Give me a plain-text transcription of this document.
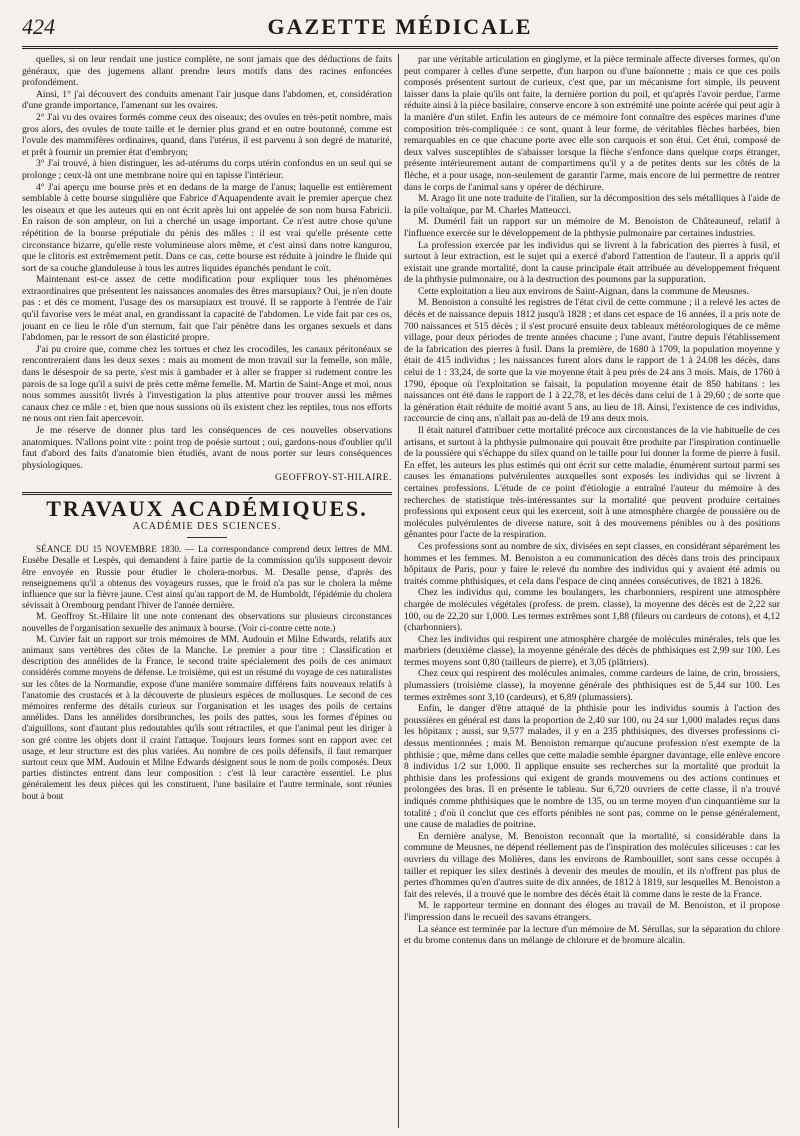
424	GAZETTE MÉDICALE

quelles, si on leur rendait une justice complète, ne sont jamais que des déductions de faits généraux, que des jugemens allant prendre leurs motifs dans des racines enfoncées profondément.

Ainsi, 1° j'ai découvert des conduits amenant l'air jusque dans l'abdomen, et, considération d'une grande importance, l'amenant sur les ovaires.

2° J'ai vu des ovaires formés comme ceux des oiseaux; des ovules en très-petit nombre, mais gros alors, des ovules de toute taille et le dernier plus grand et en outre boutonné, comme est l'ovule des mammifères ordinaires, quand, dans l'utérus, il est parvenu à son degré de maturité, et prêt à fournir un premier état d'embryon;

3° J'ai trouvé, à bien distinguer, les ad-utérums du corps utérin confondus en un seul qui se prolonge ; ceux-là ont une membrane noire qui en tapisse l'intérieur.

4° J'ai aperçu une bourse près et en dedans de la marge de l'anus; laquelle est entièrement semblable à cette bourse singulière que Fabrice d'Aquapendente avait le premier aperçue chez les oiseaux et que les auteurs qui en ont écrit après lui ont appelée de son nom bursa Fabricii. En raison de son ampleur, on lui a cherché un usage important. Ce n'est autre chose qu'une répétition de la bourse préputiale du pénis des mâles : il est vrai qu'elle présente cette circonstance bizarre, qu'elle reste volumineuse alors même, et c'est ainsi dans notre kangurou, que le clitoris est extrêmement petit. Dans ce cas, cette bourse est réduite à joindre le fluide qui sort de sa couche glanduleuse à tous les autres liquides épanchés pendant le coït.

Maintenant est-ce assez de cette modification pour expliquer tous les phénomènes extraordinaires que présentent les naissances anomales des êtres marsupiaux? Oui, je n'en doute pas : et dès ce moment, l'usage des os marsupiaux est trouvé. Il se rapporte à l'entrée de l'air qu'il favorise vers le méat anal, en grandissant la capacité de l'abdomen. Le vide fait par ces os, jouant en ce lieu le rôle d'un sternum, fait que l'air pénètre dans les organes sexuels et dans l'abdomen, par le ressort de son élasticité propre.

J'ai pu croire que, comme chez les tortues et chez les crocodiles, les canaux péritonéaux se rencontreraient dans les deux sexes : mais au moment de mon travail sur la femelle, son mâle, dans le désespoir de sa perte, s'est mis à gambader et à aller se frapper si rudement contre les parois de sa loge qu'il a suivi de près cette même femelle. M. Martin de Saint-Ange et moi, nous nous sommes aussitôt livrés à l'investigation la plus attentive pour trouver aussi les mêmes canaux chez ce mâle : et, bien que nous sussions où ils existent chez les reptiles, tous nos efforts ne nous ont rien fait apercevoir.

Je me réserve de donner plus tard les conséquences de ces nouvelles observations anatomiques. N'allons point vite : point trop de poésie surtout ; oui, gardons-nous d'oublier qu'il faut d'abord des faits d'anatomie bien étudiés, avant de nous porter sur leurs conséquences physiologiques.

GEOFFROY-ST-HILAIRE.
TRAVAUX ACADÉMIQUES.
ACADÉMIE DES SCIENCES.

SÉANCE DU 15 NOVEMBRE 1830. — La correspondance comprend deux lettres de MM. Eusèbe Desalle et Lespès, qui demandent à faire partie de la commission qu'ils supposent devoir être envoyée en Russie pour étudier le cholera-morbus. M. Desalle pense, d'après des renseignemens qu'il a obtenus des voyageurs russes, que le froid n'a pas sur le cholera la même influence que sur la fièvre jaune. C'est ainsi qu'au rapport de M. de Humboldt, l'épidémie du cholera sévissait à Orembourg pendant l'hiver de l'année dernière.

M. Geoffroy St.-Hilaire lit une note contenant des observations sur plusieurs circonstances nouvelles de l'organisation sexuelle des animaux à bourse. (Voir ci-contre cette note.)

M. Cuvier fait un rapport sur trois mémoires de MM. Audouin et Milne Edwards, relatifs aux animaux sans vertèbres des côtes de la Manche. Le premier a pour titre : Classification et description des annélides de la France, le second traite spécialement des poils de ces animaux considérés comme moyens de défense. Le troisième, qui est un résumé du voyage de ces naturalistes sur les côtes de la Normandie, expose d'une manière sommaire différens faits nouveaux relatifs à l'anatomie des crustacés et à la découverte de plusieurs espèces de mollusques. Le second de ces mémoires renferme des détails curieux sur l'organisation et les usages des poils de certains annélides. Dans les annélides dorsibranches, les poils des pattes, sous les formes d'épines ou d'aiguillons, sont d'autant plus redoutables qu'ils sont rétractiles, et que l'animal peut les diriger à son gré contre les objets dont il craint l'attaque. Toujours leurs formes sont en rapport avec cet usage, et leur structure est des plus variées. Au nombre de ces poils défensifs, il faut remarquer surtout ceux que MM. Audouin et Milne Edwards désignent sous le nom de poils composés. Deux parties distinctes entrent dans leur composition : c'est là leur caractère essentiel. Le plus généralement les deux pièces qui les constituent, l'une basilaire et l'autre terminale, sont réunies bout à bout

par une véritable articulation en ginglyme, et la pièce terminale affecte diverses formes, qu'on peut comparer à celles d'une serpette, d'un harpon ou d'une baïonnette ; mais ce que ces poils composés présentent surtout de curieux, c'est que, par un mécanisme fort simple, ils peuvent laisser dans la plaie qu'ils ont faite, la dernière portion du poil, et qu'après l'avoir perdue, l'arme réduite ainsi à la pièce basilaire, conserve encore à son extrémité une pointe acérée qui peut agir à la manière d'un stilet. Enfin les auteurs de ce mémoire font connaître des espèces marines d'une composition très-compliquée : ce sont, quant à leur forme, de véritables flèches barbées, bien remarquables en ce que chacune porte avec elle son carquois et son étui. Cet étui, composé de deux valves susceptibles de s'abaisser lorsque la flèche s'enfonce dans quelque corps étranger, présente intérieurement autant de compartimens qu'il y a de petites dents sur les côtés de la flèche, et a pour usage, non-seulement de garantir l'arme, mais encore de lui permettre de rentrer dans le corps de l'animal sans y opérer de déchirure.

M. Arago lit une note traduite de l'italien, sur la décomposition des sels métalliques à l'aide de la pile voltaïque, par M. Charles Matteucci.

M. Duméril fait un rapport sur un mémoire de M. Benoiston de Châteauneuf, relatif à l'influence exercée sur le développement de la phthysie pulmonaire par certaines industries.

La profession exercée par les individus qui se livrent à la fabrication des pierres à fusil, et surtout à leur extraction, est le sujet qui a exercé d'abord l'attention de l'auteur. Il a appris qu'il existait une grande mortalité, dont la cause principale était attribuée au développement fréquent de la phthysie pulmonaire, ou à la destruction des poumons par la suppuration.

Cette exploitation a lieu aux environs de Saint-Aignan, dans la commune de Meusnes.

M. Benoiston a consulté les registres de l'état civil de cette commune ; il a relevé les actes de décès et de naissance depuis 1812 jusqu'à 1828 ; et dans cet espace de 16 années, il a pris note de 700 naissances et 515 décès ; il s'est procuré ensuite deux tableaux météorologiques de ce même village, pour deux périodes de trente années chacune ; l'une avant, l'autre depuis l'établissement de la fabrication des pierres à fusil. Dans la première, de 1680 à 1709, la population moyenne y était de 415 individus ; les naissances furent alors dans le rapport de 1 à 24.08 les décès, dans celui de 1 : 33,24, de sorte que la vie moyenne était à peu près de 24 ans 3 mois. Mais, de 1760 à 1790, époque où l'exploitation se faisait, la population moyenne était de 850 habitans : les naissances ont été dans le rapport de 1 à 22,78, et les décès dans celui de 1 à 29,60 ; de sorte que la génération était réduite de moitié avant 5 ans, au lieu de 18. Ainsi, l'existence de ces individus, raccourcie de cinq ans, n'allait pas au-delà de 19 ans deux mois.

Il était naturel d'attribuer cette mortalité précoce aux circonstances de la vie habituelle de ces artisans, et surtout à la phthysie pulmonaire qui pouvait être produite par l'inspiration continuelle de la poussière qui s'échappe du silex quand on le taille pour lui donner la forme de pierre à fusil. En effet, les auteurs les plus estimés qui ont écrit sur cette maladie, énumèrent surtout parmi ses causes les émanations pulvérulentes auxquelles sont exposés les individus qui se livrent à certaines professions. L'étude de ce point d'étiologie a entraîné l'auteur du mémoire à des recherches de statistique très-intéressantes sur la mortalité que peuvent produire certaines professions qui exposent ceux qui les exercent, soit à une atmosphère chargée de poussière ou de molécules pulvérulentes de diverse nature, soit à des mouvemens pénibles ou à des positions gênantes pour l'acte de la respiration.

Ces professions sont au nombre de six, divisées en sept classes, en considérant séparément les hommes et les femmes. M. Benoiston a eu communication des décès dans trois des principaux hôpitaux de Paris, pour y faire le relevé du nombre des individus qui y avaient été admis ou traités comme phthisiques, et cela dans l'espace de cinq années consécutives, de 1821 à 1826.

Chez les individus qui, comme les boulangers, les charbonniers, respirent une atmosphère chargée de molécules végétales (profess. de prem. classe), la moyenne des décès est de 2,22 sur 100, ou de 22,20 sur 1,000. Les termes extrêmes sont 1,88 (fileurs ou cardeurs de cotons), et 4,12 (charbonniers).

Chez les individus qui respirent une atmosphère chargée de molécules minérales, tels que les marbriers (deuxième classe), la moyenne générale des décès de phthisiques est 2,99 sur 100. Les termes moyens sont 0,80 (tailleurs de pierre), et 3,05 (plâtriers).

Chez ceux qui respirent des molécules animales, comme cardeurs de laine, de crin, brossiers, plumassiers (troisième classe), la moyenne générale des phthisiques est de 5,44 sur 100. Les termes extrêmes sont 3,10 (cardeurs), et 6,89 (plumassiers).

Enfin, le danger d'être attaqué de la phthisie pour les individus soumis à l'action des poussières en général est dans la proportion de 2,40 sur 100, ou 24 sur 1,000 malades reçus dans les hôpitaux ; aussi, sur 9,577 malades, il y en a 235 phthisiques, des diverses professions ci-dessus mentionnées ; mais M. Benoiston remarque qu'aucune profession n'est exempte de la phthisie ; que, même dans celles que cette maladie semble épargner davantage, elle enlève encore 8 individus 1/2 sur 1,000. Il applique ensuite ses recherches sur la mortalité que produit la phthisie dans les professions qui exigent de grands mouvemens ou des actions continues et prolongées des bras. Il en présente le tableau. Sur 6,720 ouvriers de cette classe, il n'a trouvé indiqués comme phthisiques que le nombre de 135, ou un terme moyen d'un cinquantième sur la totalité ; d'où il conclut que ces efforts pénibles ne sont pas, comme on le pense généralement, une cause de maladies de poitrine.

En dernière analyse, M. Benoiston reconnaît que la mortalité, si considérable dans la commune de Meusnes, ne dépend réellement pas de l'inspiration des molécules siliceuses : car les ouvriers du village des Molières, dans les environs de Rambouillet, sont sans cesse occupés à tailler et repiquer les silex destinés à devenir des meules de moulin, et ils n'offrent pas plus de pertes d'hommes qu'en d'autres suite de dix années, de 1812 à 1819, sur lesquelles M. Benoiston a fait des relevés, il a trouvé que le nombre des décès était là comme dans le reste de la France.

M. le rapporteur termine en donnant des éloges au travail de M. Benoiston, et il propose l'impression dans le recueil des savans étrangers.

La séance est terminée par la lecture d'un mémoire de M. Sérullas, sur la séparation du chlore et du brome contenus dans un mélange de chlorure et de bromure alcalin.
